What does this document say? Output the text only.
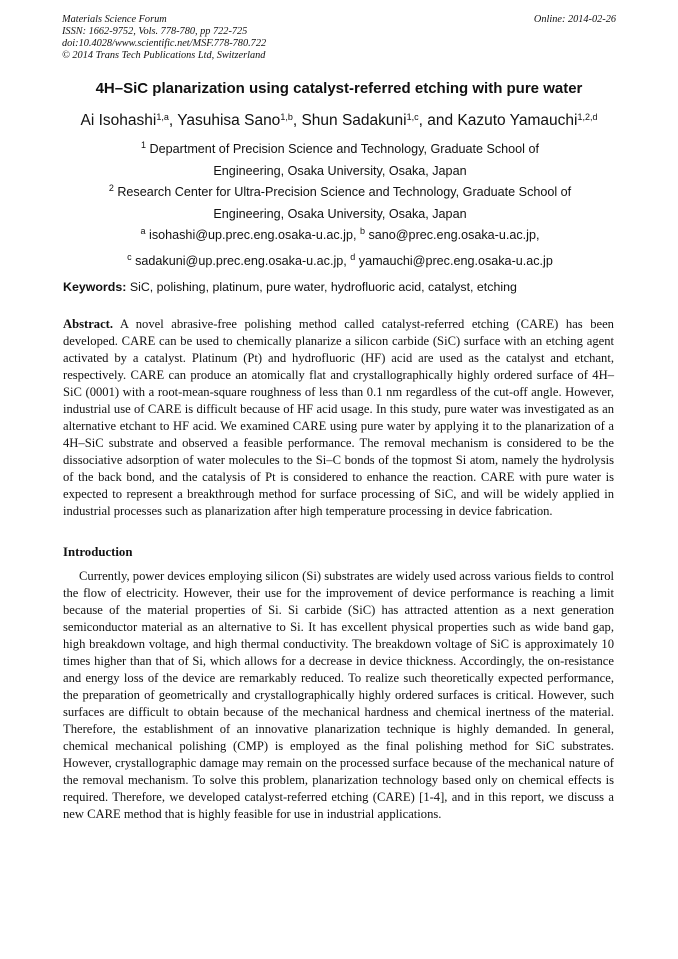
Materials Science Forum
ISSN: 1662-9752, Vols. 778-780, pp 722-725
doi:10.4028/www.scientific.net/MSF.778-780.722
© 2014 Trans Tech Publications Ltd, Switzerland
Online: 2014-02-26
4H–SiC planarization using catalyst-referred etching with pure water
Ai Isohashi$^{1,a}$, Yasuhisa Sano$^{1,b}$, Shun Sadakuni$^{1,c}$, and Kazuto Yamauchi$^{1,2,d}$
$^1$ Department of Precision Science and Technology, Graduate School of
Engineering, Osaka University, Osaka, Japan
$^2$ Research Center for Ultra-Precision Science and Technology, Graduate School of
Engineering, Osaka University, Osaka, Japan
$^a$ isohashi@up.prec.eng.osaka-u.ac.jp, $^b$ sano@prec.eng.osaka-u.ac.jp,
$^c$ sadakuni@up.prec.eng.osaka-u.ac.jp, $^d$ yamauchi@prec.eng.osaka-u.ac.jp
Keywords: SiC, polishing, platinum, pure water, hydrofluoric acid, catalyst, etching

Abstract. A novel abrasive-free polishing method called catalyst-referred etching (CARE) has been developed. CARE can be used to chemically planarize a silicon carbide (SiC) surface with an etching agent activated by a catalyst. Platinum (Pt) and hydrofluoric (HF) acid are used as the catalyst and etchant, respectively. CARE can produce an atomically flat and crystallographically highly ordered surface of 4H–SiC (0001) with a root-mean-square roughness of less than 0.1 nm regardless of the cut-off angle. However, industrial use of CARE is difficult because of HF acid usage. In this study, pure water was investigated as an alternative etchant to HF acid. We examined CARE using pure water by applying it to the planarization of a 4H–SiC substrate and observed a feasible performance. The removal mechanism is considered to be the dissociative adsorption of water molecules to the Si–C bonds of the topmost Si atom, namely the hydrolysis of the back bond, and the catalysis of Pt is considered to enhance the reaction. CARE with pure water is expected to represent a breakthrough method for surface processing of SiC, and will be widely applied in industrial processes such as planarization after high temperature processing in device fabrication.

Introduction

Currently, power devices employing silicon (Si) substrates are widely used across various fields to control the flow of electricity. However, their use for the improvement of device performance is reaching a limit because of the material properties of Si. Si carbide (SiC) has attracted attention as a next generation semiconductor material as an alternative to Si. It has excellent physical properties such as wide band gap, high breakdown voltage, and high thermal conductivity. The breakdown voltage of SiC is approximately 10 times higher than that of Si, which allows for a decrease in device thickness. Accordingly, the on-resistance and energy loss of the device are remarkably reduced. To realize such theoretically expected performance, the preparation of geometrically and crystallographically highly ordered surfaces is critical. However, such surfaces are difficult to obtain because of the mechanical hardness and chemical inertness of the material. Therefore, the establishment of an innovative planarization technique is highly demanded. In general, chemical mechanical polishing (CMP) is employed as the final polishing method for SiC substrates. However, crystallographic damage may remain on the processed surface because of the mechanical nature of the removal mechanism. To solve this problem, planarization technology based only on chemical effects is required. Therefore, we developed catalyst-referred etching (CARE) [1-4], and in this report, we discuss a new CARE method that is highly feasible for use in industrial applications.
